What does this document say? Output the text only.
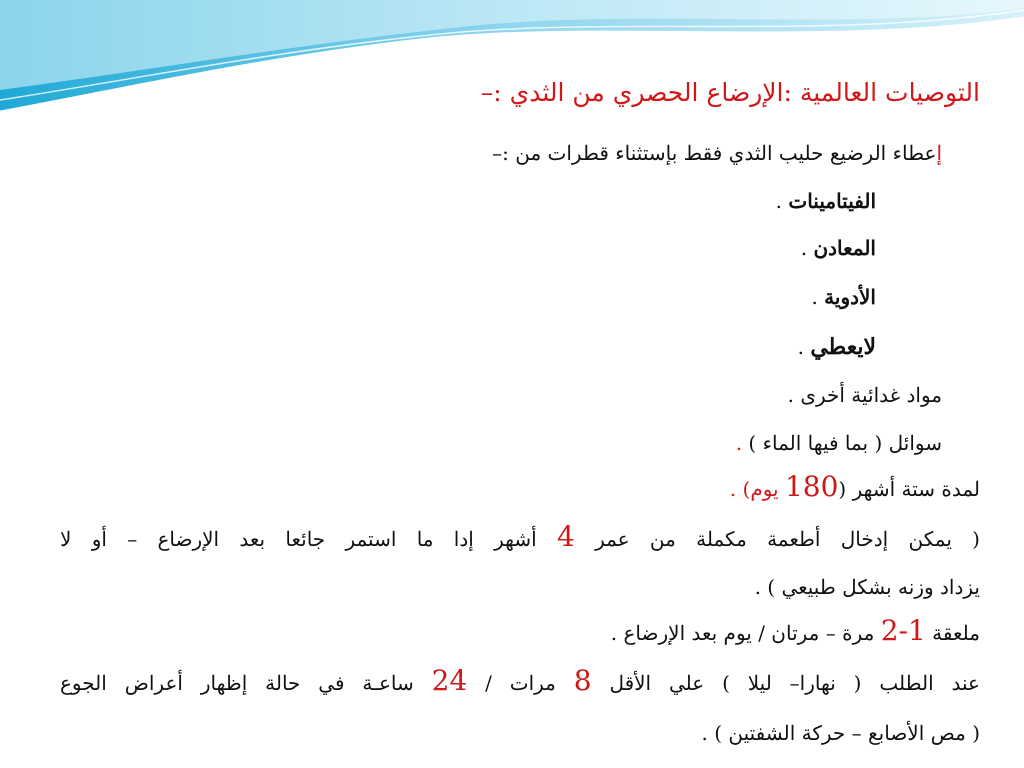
التوصيات العالمية :الإرضاع الحصري من الثدي :–
إعطاء الرضيع حليب الثدي فقط بإستثناء قطرات من :–
الفيتامينات .
المعادن .
الأدوية .
لايعطي .
مواد غدائية أخرى .
سوائل ( بما فيها الماء ) .
لمدة ستة أشهر (180 يوم) .
( يمكن إدخال أطعمة مكملة من عمر 4 أشهر إدا ما استمر جائعا بعد الإرضاع – أو لا
يزداد وزنه بشكل طبيعي ) .
ملعقة 1-2 مرة – مرتان / يوم بعد الإرضاع .
عند الطلب ( نهارا– ليلا ) علي الأقل 8 مرات / 24 ساعـة في حالة إظهار أعراض الجوع
( مص الأصابع – حركة الشفتين ) .
